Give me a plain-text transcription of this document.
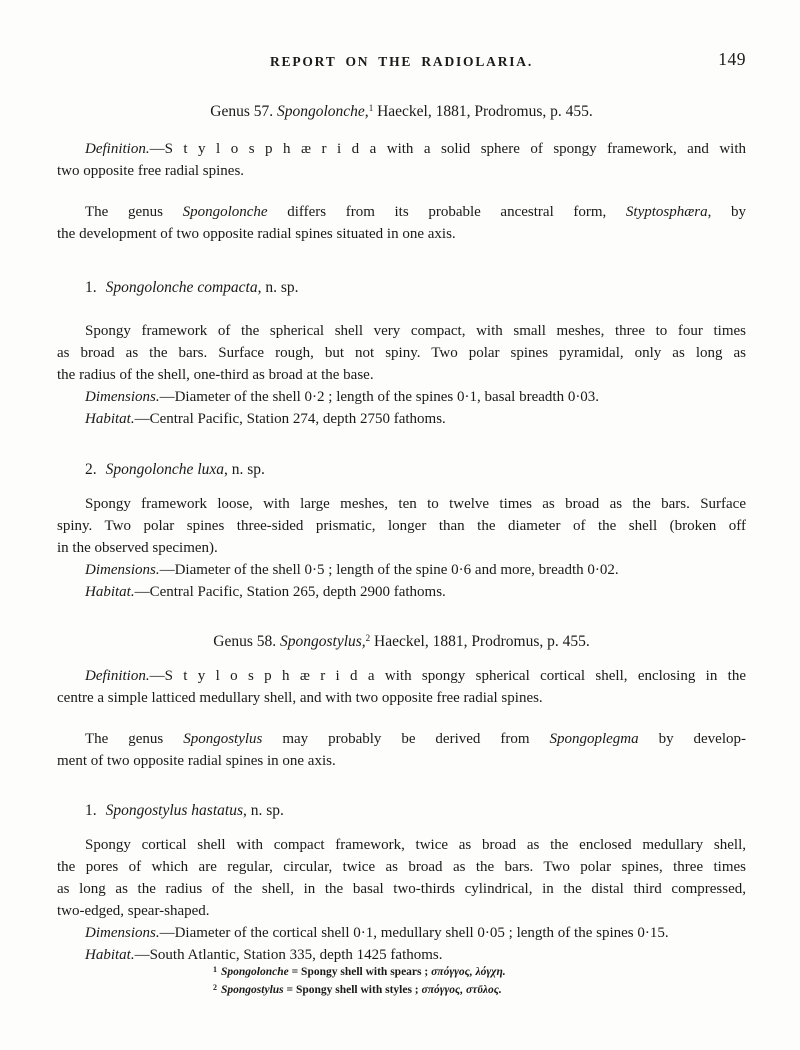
REPORT ON THE RADIOLARIA.	149
Genus 57. Spongolonche,$^1$ Haeckel, 1881, Prodromus, p. 455.
Definition.—S t y l o s p h æ r i d a with a solid sphere of spongy framework, and with
two opposite free radial spines.
The genus Spongolonche differs from its probable ancestral form, Styptosphæra, by
the development of two opposite radial spines situated in one axis.
1. Spongolonche compacta, n. sp.
Spongy framework of the spherical shell very compact, with small meshes, three to four times
as broad as the bars. Surface rough, but not spiny. Two polar spines pyramidal, only as long as
the radius of the shell, one-third as broad at the base.
Dimensions.—Diameter of the shell 0·2 ; length of the spines 0·1, basal breadth 0·03.
Habitat.—Central Pacific, Station 274, depth 2750 fathoms.
2. Spongolonche luxa, n. sp.
Spongy framework loose, with large meshes, ten to twelve times as broad as the bars. Surface
spiny. Two polar spines three-sided prismatic, longer than the diameter of the shell (broken off
in the observed specimen).
Dimensions.—Diameter of the shell 0·5 ; length of the spine 0·6 and more, breadth 0·02.
Habitat.—Central Pacific, Station 265, depth 2900 fathoms.
Genus 58. Spongostylus,$^2$ Haeckel, 1881, Prodromus, p. 455.
Definition.—S t y l o s p h æ r i d a with spongy spherical cortical shell, enclosing in the
centre a simple latticed medullary shell, and with two opposite free radial spines.
The genus Spongostylus may probably be derived from Spongoplegma by develop-
ment of two opposite radial spines in one axis.
1. Spongostylus hastatus, n. sp.
Spongy cortical shell with compact framework, twice as broad as the enclosed medullary shell,
the pores of which are regular, circular, twice as broad as the bars. Two polar spines, three times
as long as the radius of the shell, in the basal two-thirds cylindrical, in the distal third compressed,
two-edged, spear-shaped.
Dimensions.—Diameter of the cortical shell 0·1, medullary shell 0·05 ; length of the spines 0·15.
Habitat.—South Atlantic, Station 335, depth 1425 fathoms.
$^1$ Spongolonche = Spongy shell with spears ; σπόγγος, λόγχη.
$^2$ Spongostylus = Spongy shell with styles ; σπόγγος, στῦλος.
